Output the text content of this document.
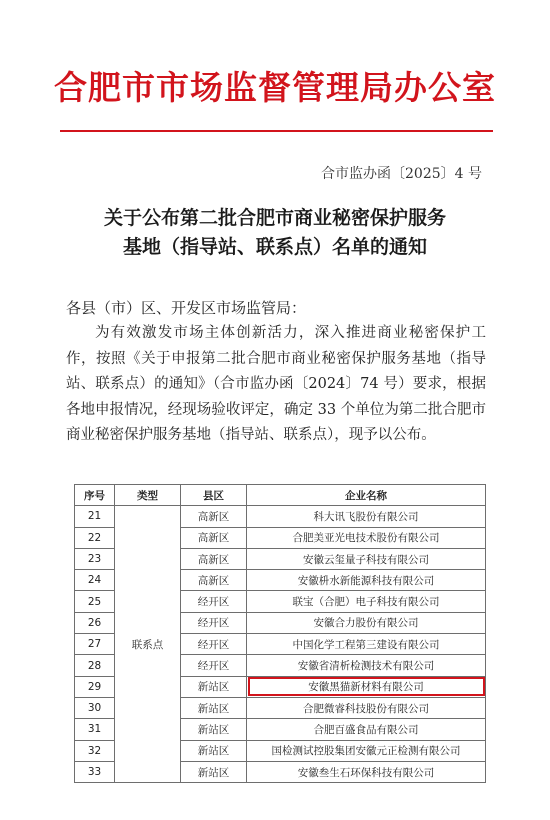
合肥市市场监督管理局办公室
合市监办函〔2025〕4 号
关于公布第二批合肥市商业秘密保护服务
基地（指导站、联系点）名单的通知
各县（市）区、开发区市场监管局：
为有效激发市场主体创新活力，深入推进商业秘密保护工作，按照《关于申报第二批合肥市商业秘密保护服务基地（指导站、联系点）的通知》（合市监办函〔2024〕74 号）要求，根据各地申报情况，经现场验收评定，确定 33 个单位为第二批合肥市商业秘密保护服务基地（指导站、联系点），现予以公布。
序号	类型	县区	企业名称
21	联系点	高新区	科大讯飞股份有限公司
22		高新区	合肥美亚光电技术股份有限公司
23		高新区	安徽云玺量子科技有限公司
24		高新区	安徽枡水新能源科技有限公司
25		经开区	联宝（合肥）电子科技有限公司
26		经开区	安徽合力股份有限公司
27		经开区	中国化学工程第三建设有限公司
28		经开区	安徽省清析检测技术有限公司
29		新站区	安徽黑猫新材料有限公司
30		新站区	合肥微睿科技股份有限公司
31		新站区	合肥百盛食品有限公司
32		新站区	国检测试控股集团安徽元正检测有限公司
33		新站区	安徽叁生石环保科技有限公司
